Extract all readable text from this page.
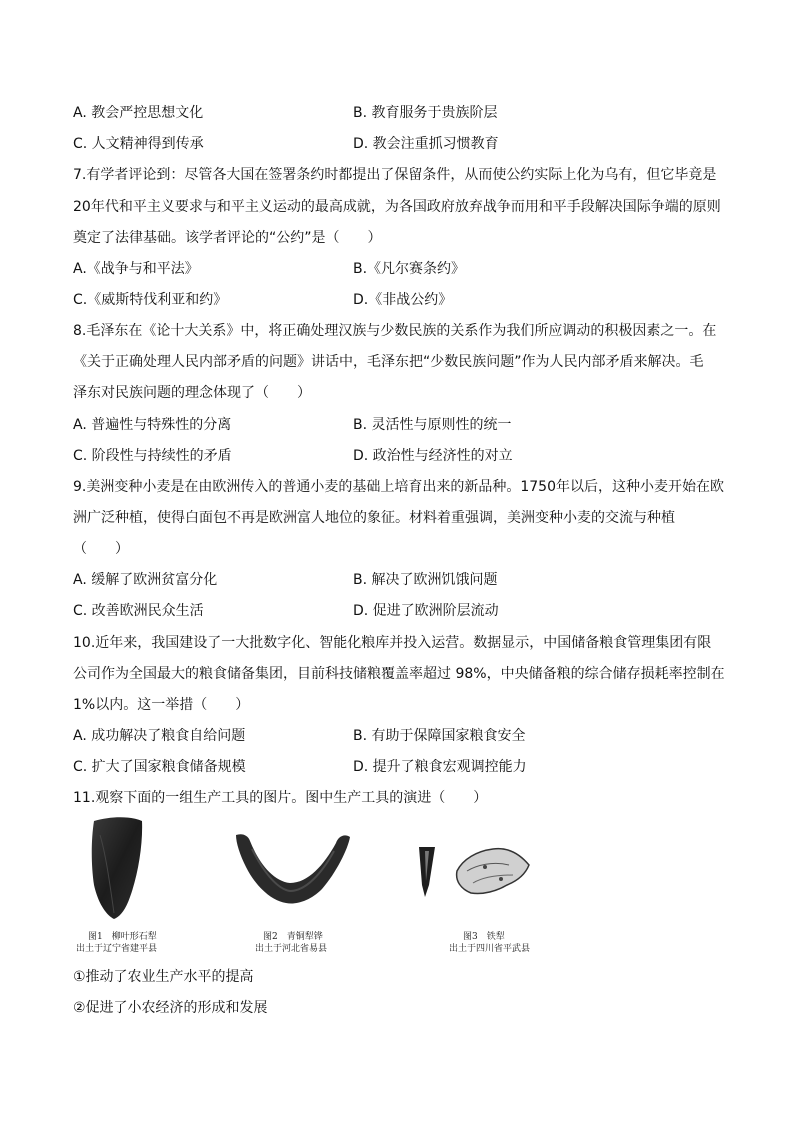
A. 教会严控思想文化	B. 教育服务于贵族阶层
C. 人文精神得到传承	D. 教会注重抓习惯教育
7.有学者评论到：尽管各大国在签署条约时都提出了保留条件，从而使公约实际上化为乌有，但它毕竟是
20年代和平主义要求与和平主义运动的最高成就，为各国政府放弃战争而用和平手段解决国际争端的原则
奠定了法律基础。该学者评论的“公约”是（　　）
A.《战争与和平法》	B.《凡尔赛条约》
C.《威斯特伐利亚和约》	D.《非战公约》
8.毛泽东在《论十大关系》中，将正确处理汉族与少数民族的关系作为我们所应调动的积极因素之一。在
《关于正确处理人民内部矛盾的问题》讲话中，毛泽东把“少数民族问题”作为人民内部矛盾来解决。毛
泽东对民族问题的理念体现了（　　）
A. 普遍性与特殊性的分离	B. 灵活性与原则性的统一
C. 阶段性与持续性的矛盾	D. 政治性与经济性的对立
9.美洲变种小麦是在由欧洲传入的普通小麦的基础上培育出来的新品种。1750年以后，这种小麦开始在欧
洲广泛种植，使得白面包不再是欧洲富人地位的象征。材料着重强调，美洲变种小麦的交流与种植
（　　）
A. 缓解了欧洲贫富分化	B. 解决了欧洲饥饿问题
C. 改善欧洲民众生活	D. 促进了欧洲阶层流动
10.近年来，我国建设了一大批数字化、智能化粮库并投入运营。数据显示，中国储备粮食管理集团有限
公司作为全国最大的粮食储备集团，目前科技储粮覆盖率超过 98%，中央储备粮的综合储存损耗率控制在
1%以内。这一举措（　　）
A. 成功解决了粮食自给问题	B. 有助于保障国家粮食安全
C. 扩大了国家粮食储备规模	D. 提升了粮食宏观调控能力
11.观察下面的一组生产工具的图片。图中生产工具的演进（　　）
图1　柳叶形石犁
出土于辽宁省建平县
图2　青铜犁铧
出土于河北省易县
图3　铁犁
出土于四川省平武县
①推动了农业生产水平的提高
②促进了小农经济的形成和发展
